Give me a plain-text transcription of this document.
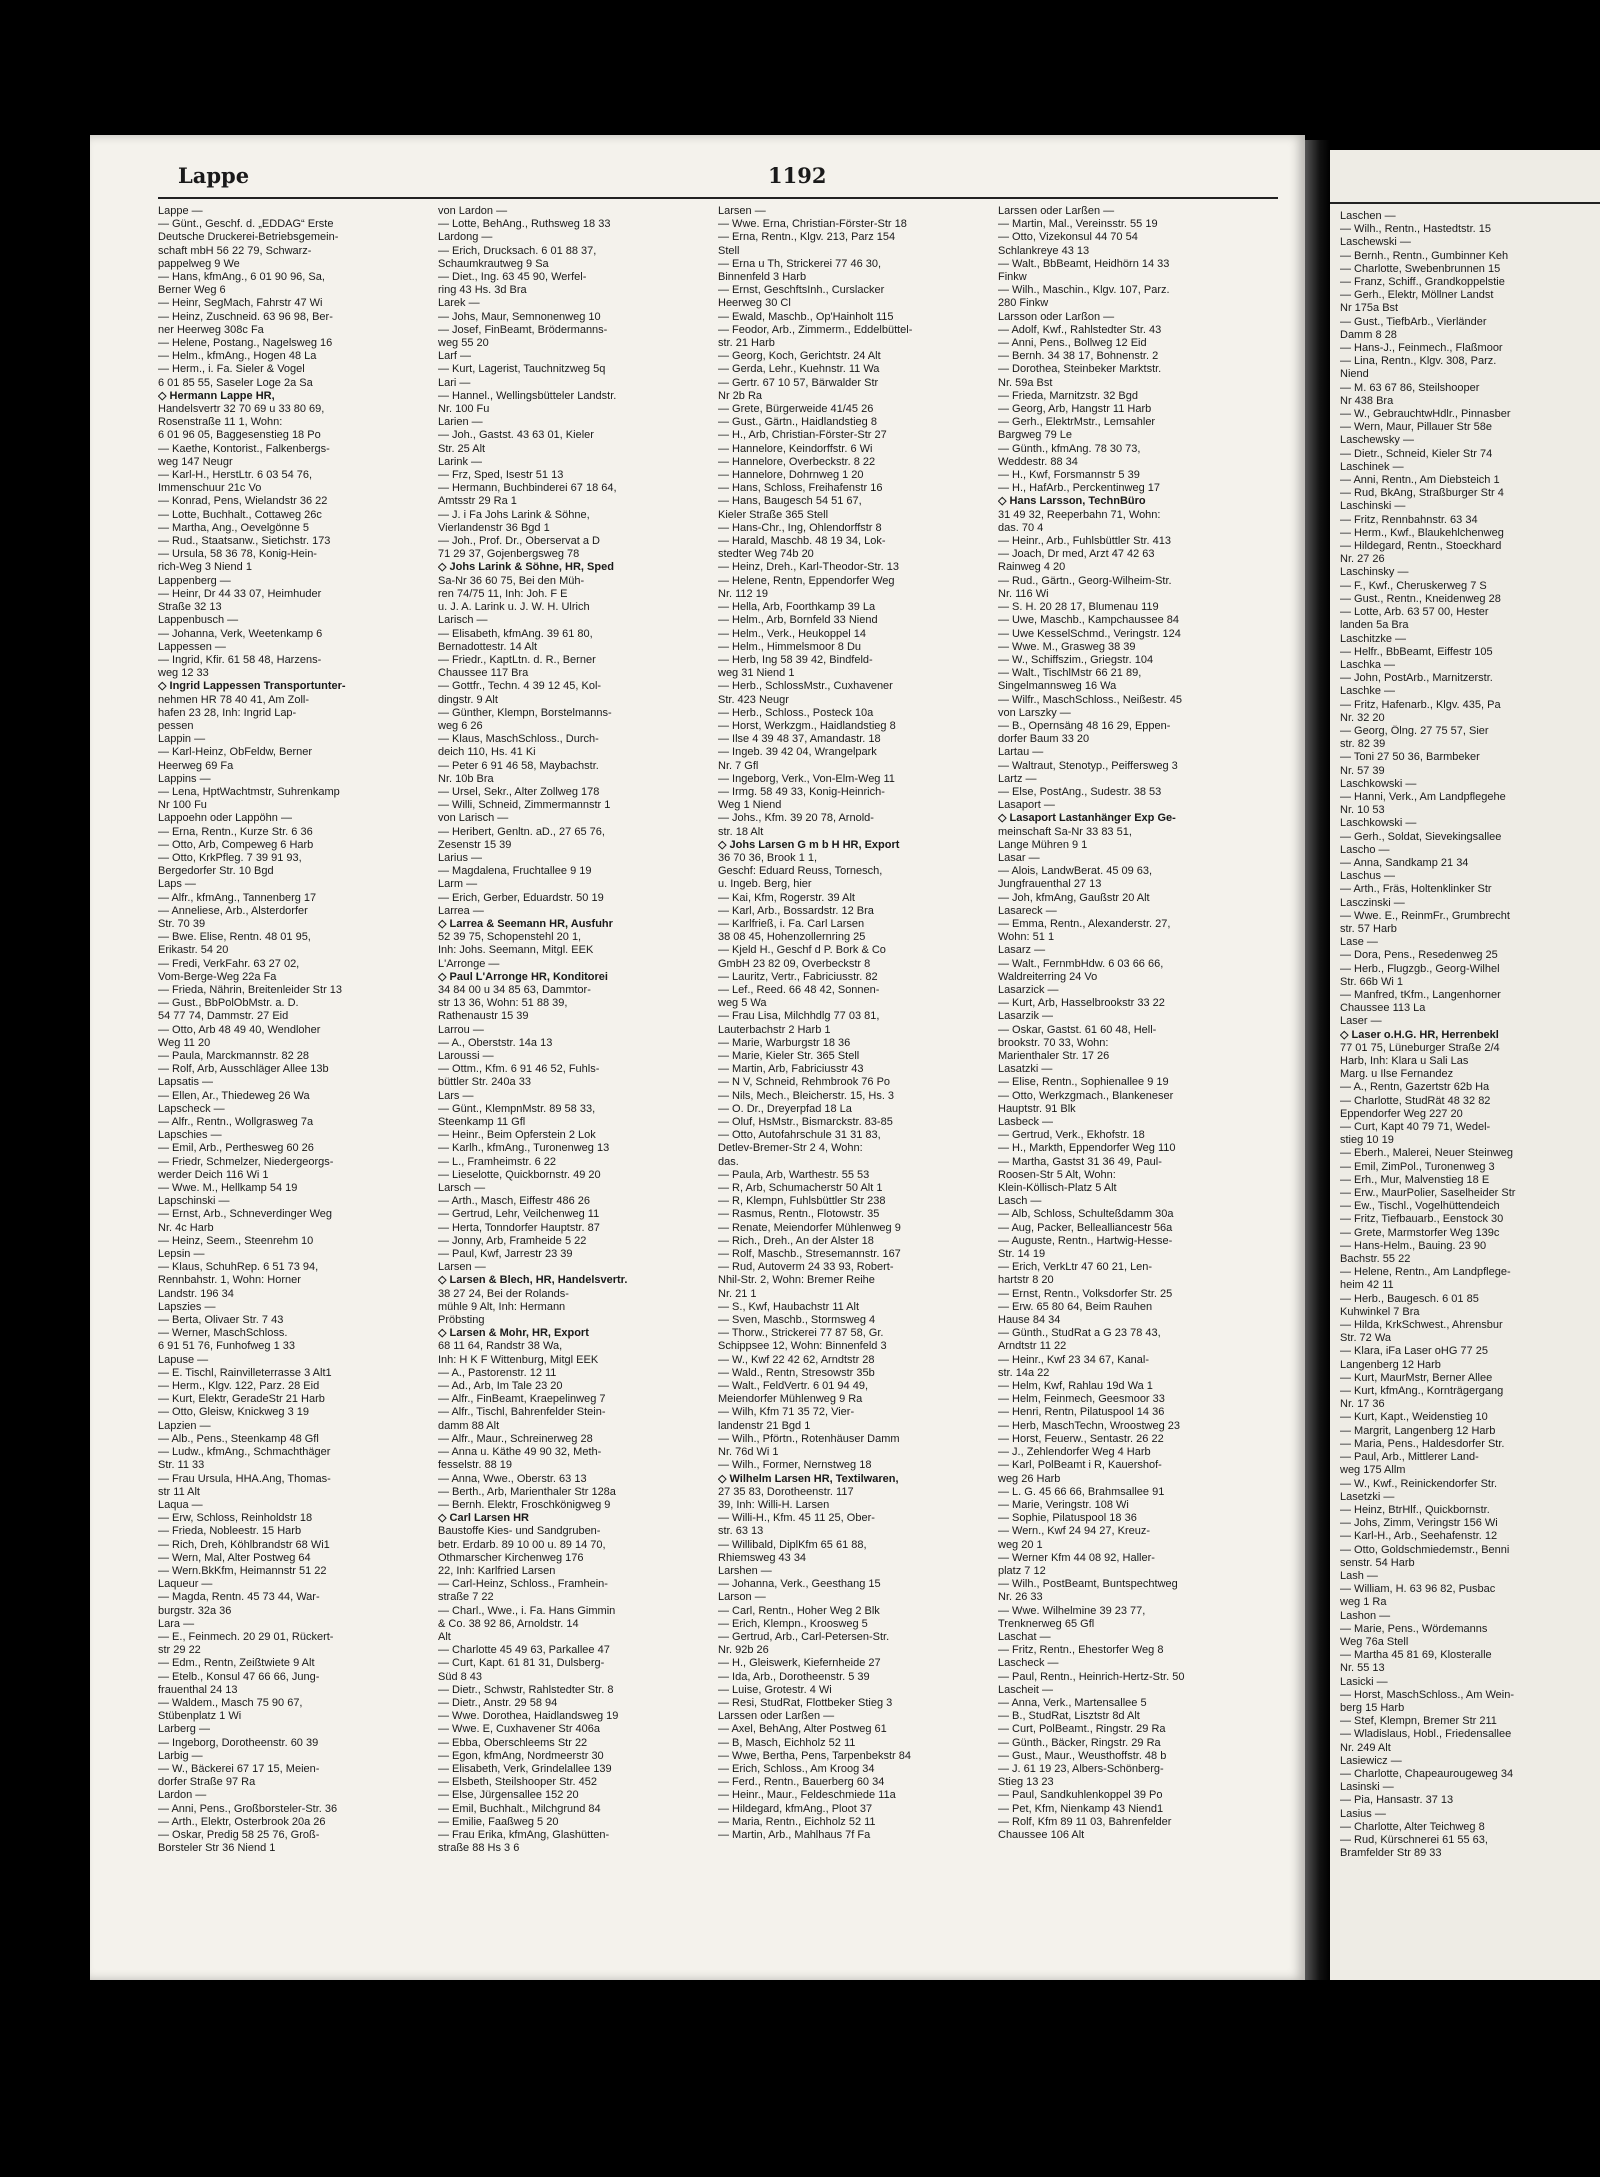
Lappe	1192
Lappe —
— Günt., Geschf. d. „EDDAG“ Erste
Deutsche Druckerei-Betriebsgemein-
schaft mbH 56 22 79, Schwarz-
pappelweg 9 We
— Hans, kfmAng., 6 01 90 96, Sa,
Berner Weg 6
— Heinr, SegMach, Fahrstr 47 Wi
— Heinz, Zuschneid. 63 96 98, Ber-
ner Heerweg 308c Fa
— Helene, Postang., Nagelsweg 16
— Helm., kfmAng., Hogen 48 La
— Herm., i. Fa. Sieler & Vogel
6 01 85 55, Saseler Loge 2a Sa
◇ Hermann Lappe HR,
Handelsvertr 32 70 69 u 33 80 69,
Rosenstraße 11 1, Wohn:
6 01 96 05, Baggesenstieg 18 Po
— Kaethe, Kontorist., Falkenbergs-
weg 147 Neugr
— Karl-H., HerstLtr. 6 03 54 76,
Immenschuur 21c Vo
— Konrad, Pens, Wielandstr 36 22
— Lotte, Buchhalt., Cottaweg 26c
— Martha, Ang., Oevelgönne 5
— Rud., Staatsanw., Sietichstr. 173
— Ursula, 58 36 78, Konig-Hein-
rich-Weg 3 Niend 1
Lappenberg —
— Heinr, Dr 44 33 07, Heimhuder
Straße 32 13
Lappenbusch —
— Johanna, Verk, Weetenkamp 6
Lappessen —
— Ingrid, Kfir. 61 58 48, Harzens-
weg 12 33
◇ Ingrid Lappessen Transportunter-
nehmen HR 78 40 41, Am Zoll-
hafen 23 28, Inh: Ingrid Lap-
pessen
Lappin —
— Karl-Heinz, ObFeldw, Berner
Heerweg 69 Fa
Lappins —
— Lena, HptWachtmstr, Suhrenkamp
Nr 100 Fu
Lappoehn oder Lappöhn —
— Erna, Rentn., Kurze Str. 6 36
— Otto, Arb, Compeweg 6 Harb
— Otto, KrkPfleg. 7 39 91 93,
Bergedorfer Str. 10 Bgd
Laps —
— Alfr., kfmAng., Tannenberg 17
— Anneliese, Arb., Alsterdorfer
Str. 70 39
— Bwe. Elise, Rentn. 48 01 95,
Erikastr. 54 20
— Fredi, VerkFahr. 63 27 02,
Vom-Berge-Weg 22a Fa
— Frieda, Nährin, Breitenleider Str 13
— Gust., BbPolObMstr. a. D.
54 77 74, Dammstr. 27 Eid
— Otto, Arb 48 49 40, Wendloher
Weg 11 20
— Paula, Marckmannstr. 82 28
— Rolf, Arb, Ausschläger Allee 13b
Lapsatis —
— Ellen, Ar., Thiedeweg 26 Wa
Lapscheck —
— Alfr., Rentn., Wollgrasweg 7a
Lapschies —
— Emil, Arb., Perthesweg 60 26
— Friedr, Schmelzer, Niedergeorgs-
werder Deich 116 Wi 1
— Wwe. M., Hellkamp 54 19
Lapschinski —
— Ernst, Arb., Schneverdinger Weg
Nr. 4c Harb
— Heinz, Seem., Steenrehm 10
Lepsin —
— Klaus, SchuhRep. 6 51 73 94,
Rennbahstr. 1, Wohn: Horner
Landstr. 196 34
Lapszies —
— Berta, Olivaer Str. 7 43
— Werner, MaschSchloss.
6 91 51 76, Funhofweg 1 33
Lapuse —
— E. Tischl, Rainvilleterrasse 3 Alt1
— Herm., Klgv. 122, Parz. 28 Eid
— Kurt, Elektr, GeradeStr 21 Harb
— Otto, Gleisw, Knickweg 3 19
Lapzien —
— Alb., Pens., Steenkamp 48 Gfl
— Ludw., kfmAng., Schmachthäger
Str. 11 33
— Frau Ursula, HHA.Ang, Thomas-
str 11 Alt
Laqua —
— Erw, Schloss, Reinholdstr 18
— Frieda, Nobleestr. 15 Harb
— Rich, Dreh, Köhlbrandstr 68 Wi1
— Wern, Mal, Alter Postweg 64
— Wern.BkKfm, Heimannstr 51 22
Laqueur —
— Magda, Rentn. 45 73 44, War-
burgstr. 32a 36
Lara —
— E., Feinmech. 20 29 01, Rückert-
str 29 22
— Edm., Rentn, Zeißtwiete 9 Alt
— Etelb., Konsul 47 66 66, Jung-
frauenthal 24 13
— Waldem., Masch 75 90 67,
Stübenplatz 1 Wi
Larberg —
— Ingeborg, Dorotheenstr. 60 39
Larbig —
— W., Bäckerei 67 17 15, Meien-
dorfer Straße 97 Ra
Lardon —
— Anni, Pens., Großborsteler-Str. 36
— Arth., Elektr, Osterbrook 20a 26
— Oskar, Predig 58 25 76, Groß-
Borsteler Str 36 Niend 1
von Lardon —
— Lotte, BehAng., Ruthsweg 18 33
Lardong —
— Erich, Drucksach. 6 01 88 37,
Schaumkrautweg 9 Sa
— Diet., Ing. 63 45 90, Werfel-
ring 43 Hs. 3d Bra
Larek —
— Johs, Maur, Semnonenweg 10
— Josef, FinBeamt, Brödermanns-
weg 55 20
Larf —
— Kurt, Lagerist, Tauchnitzweg 5q
Lari —
— Hannel., Wellingsbütteler Landstr.
Nr. 100 Fu
Larien —
— Joh., Gastst. 43 63 01, Kieler
Str. 25 Alt
Larink —
— Frz, Sped, Isestr 51 13
— Hermann, Buchbinderei 67 18 64,
Amtsstr 29 Ra 1
— J. i Fa Johs Larink & Söhne,
Vierlandenstr 36 Bgd 1
— Joh., Prof. Dr., Oberservat a D
71 29 37, Gojenbergsweg 78
◇ Johs Larink & Söhne, HR, Sped
Sa-Nr 36 60 75, Bei den Müh-
ren 74/75 11, Inh: Joh. F E
u. J. A. Larink u. J. W. H. Ulrich
Larisch —
— Elisabeth, kfmAng. 39 61 80,
Bernadottestr. 14 Alt
— Friedr., KaptLtn. d. R., Berner
Chaussee 117 Bra
— Gottfr., Techn. 4 39 12 45, Kol-
dingstr. 9 Alt
— Günther, Klempn, Borstelmanns-
weg 6 26
— Klaus, MaschSchloss., Durch-
deich 110, Hs. 41 Ki
— Peter 6 91 46 58, Maybachstr.
Nr. 10b Bra
— Ursel, Sekr., Alter Zollweg 178
— Willi, Schneid, Zimmermannstr 1
von Larisch —
— Heribert, Genltn. aD., 27 65 76,
Zesenstr 15 39
Larius —
— Magdalena, Fruchtallee 9 19
Larm —
— Erich, Gerber, Eduardstr. 50 19
Larrea —
◇ Larrea & Seemann HR, Ausfuhr
52 39 75, Schopenstehl 20 1,
Inh: Johs. Seemann, Mitgl. EEK
L'Arronge —
◇ Paul L'Arronge HR, Konditorei
34 84 00 u 34 85 63, Dammtor-
str 13 36, Wohn: 51 88 39,
Rathenaustr 15 39
Larrou —
— A., Oberststr. 14a 13
Laroussi —
— Ottm., Kfm. 6 91 46 52, Fuhls-
büttler Str. 240a 33
Lars —
— Günt., KlempnMstr. 89 58 33,
Steenkamp 11 Gfl
— Heinr., Beim Opferstein 2 Lok
— Karlh., kfmAng., Turonenweg 13
— L., Framheimstr. 6 22
— Lieselotte, Quickbornstr. 49 20
Larsch —
— Arth., Masch, Eiffestr 486 26
— Gertrud, Lehr, Veilchenweg 11
— Herta, Tonndorfer Hauptstr. 87
— Jonny, Arb, Framheide 5 22
— Paul, Kwf, Jarrestr 23 39
Larsen —
◇ Larsen & Blech, HR, Handelsvertr.
38 27 24, Bei der Rolands-
mühle 9 Alt, Inh: Hermann
Pröbsting
◇ Larsen & Mohr, HR, Export
68 11 64, Randstr 38 Wa,
Inh: H K F Wittenburg, Mitgl EEK
— A., Pastorenstr. 12 11
— Ad., Arb, Im Tale 23 20
— Alfr., FinBeamt, Kraepelinweg 7
— Alfr., Tischl, Bahrenfelder Stein-
damm 88 Alt
— Alfr., Maur., Schreinerweg 28
— Anna u. Käthe 49 90 32, Meth-
fesselstr. 88 19
— Anna, Wwe., Oberstr. 63 13
— Berth., Arb, Marienthaler Str 128a
— Bernh. Elektr, Froschkönigweg 9
◇ Carl Larsen HR
Baustoffe Kies- und Sandgruben-
betr. Erdarb. 89 10 00 u. 89 14 70,
Othmarscher Kirchenweg 176
22, Inh: Karlfried Larsen
— Carl-Heinz, Schloss., Framhein-
straße 7 22
— Charl., Wwe., i. Fa. Hans Gimmin
& Co. 38 92 86, Arnoldstr. 14
Alt
— Charlotte 45 49 63, Parkallee 47
— Curt, Kapt. 61 81 31, Dulsberg-
Süd 8 43
— Dietr., Schwstr, Rahlstedter Str. 8
— Dietr., Anstr. 29 58 94
— Wwe. Dorothea, Haidlandsweg 19
— Wwe. E, Cuxhavener Str 406a
— Ebba, Oberschleems Str 22
— Egon, kfmAng, Nordmeerstr 30
— Elisabeth, Verk, Grindelallee 139
— Elsbeth, Steilshooper Str. 452
— Else, Jürgensallee 152 20
— Emil, Buchhalt., Milchgrund 84
— Emilie, Faaßweg 5 20
— Frau Erika, kfmAng, Glashütten-
straße 88 Hs 3 6
Larsen —
— Wwe. Erna, Christian-Förster-Str 18
— Erna, Rentn., Klgv. 213, Parz 154
Stell
— Erna u Th, Strickerei 77 46 30,
Binnenfeld 3 Harb
— Ernst, GeschftsInh., Curslacker
Heerweg 30 Cl
— Ewald, Maschb., Op'Hainholt 115
— Feodor, Arb., Zimmerm., Eddelbüttel-
str. 21 Harb
— Georg, Koch, Gerichtstr. 24 Alt
— Gerda, Lehr., Kuehnstr. 11 Wa
— Gertr. 67 10 57, Bärwalder Str
Nr 2b Ra
— Grete, Bürgerweide 41/45 26
— Gust., Gärtn., Haidlandstieg 8
— H., Arb, Christian-Förster-Str 27
— Hannelore, Keindorffstr. 6 Wi
— Hannelore, Overbeckstr. 8 22
— Hannelore, Dohrnweg 1 20
— Hans, Schloss, Freihafenstr 16
— Hans, Baugesch 54 51 67,
Kieler Straße 365 Stell
— Hans-Chr., Ing, Ohlendorffstr 8
— Harald, Maschb. 48 19 34, Lok-
stedter Weg 74b 20
— Heinz, Dreh., Karl-Theodor-Str. 13
— Helene, Rentn, Eppendorfer Weg
Nr. 112 19
— Hella, Arb, Foorthkamp 39 La
— Helm., Arb, Bornfeld 33 Niend
— Helm., Verk., Heukoppel 14
— Helm., Himmelsmoor 8 Du
— Herb, Ing 58 39 42, Bindfeld-
weg 31 Niend 1
— Herb., SchlossMstr., Cuxhavener
Str. 423 Neugr
— Herb., Schloss., Posteck 10a
— Horst, Werkzgm., Haidlandstieg 8
— Ilse 4 39 48 37, Amandastr. 18
— Ingeb. 39 42 04, Wrangelpark
Nr. 7 Gfl
— Ingeborg, Verk., Von-Elm-Weg 11
— Irmg. 58 49 33, Konig-Heinrich-
Weg 1 Niend
— Johs., Kfm. 39 20 78, Arnold-
str. 18 Alt
◇ Johs Larsen G m b H HR, Export
36 70 36, Brook 1 1,
Geschf: Eduard Reuss, Tornesch,
u. Ingeb. Berg, hier
— Kai, Kfm, Rogerstr. 39 Alt
— Karl, Arb., Bossardstr. 12 Bra
— Karlfrieß, i. Fa. Carl Larsen
38 08 45, Hohenzollernring 25
— Kjeld H., Geschf d P. Bork & Co
GmbH 23 82 09, Overbeckstr 8
— Lauritz, Vertr., Fabriciusstr. 82
— Lef., Reed. 66 48 42, Sonnen-
weg 5 Wa
— Frau Lisa, Milchhdlg 77 03 81,
Lauterbachstr 2 Harb 1
— Marie, Warburgstr 18 36
— Marie, Kieler Str. 365 Stell
— Martin, Arb, Fabriciusstr 43
— N V, Schneid, Rehmbrook 76 Po
— Nils, Mech., Bleicherstr. 15, Hs. 3
— O. Dr., Dreyerpfad 18 La
— Oluf, HsMstr., Bismarckstr. 83-85
— Otto, Autofahrschule 31 31 83,
Detlev-Bremer-Str 2 4, Wohn:
das.
— Paula, Arb, Warthestr. 55 53
— R, Arb, Schumacherstr 50 Alt 1
— R, Klempn, Fuhlsbüttler Str 238
— Rasmus, Rentn., Flotowstr. 35
— Renate, Meiendorfer Mühlenweg 9
— Rich., Dreh., An der Alster 18
— Rolf, Maschb., Stresemannstr. 167
— Rud, Autoverm 24 33 93, Robert-
Nhil-Str. 2, Wohn: Bremer Reihe
Nr. 21 1
— S., Kwf, Haubachstr 11 Alt
— Sven, Maschb., Stormsweg 4
— Thorw., Strickerei 77 87 58, Gr.
Schippsee 12, Wohn: Binnenfeld 3
— W., Kwf 22 42 62, Arndtstr 28
— Wald., Rentn, Stresowstr 35b
— Walt., FeldVertr. 6 01 94 49,
Meiendorfer Mühlenweg 9 Ra
— Wilh, Kfm 71 35 72, Vier-
landenstr 21 Bgd 1
— Wilh., Pförtn., Rotenhäuser Damm
Nr. 76d Wi 1
— Wilh., Former, Nernstweg 18
◇ Wilhelm Larsen HR, Textilwaren,
27 35 83, Dorotheenstr. 117
39, Inh: Willi-H. Larsen
— Willi-H., Kfm. 45 11 25, Ober-
str. 63 13
— Willibald, DiplKfm 65 61 88,
Rhiemsweg 43 34
Larshen —
— Johanna, Verk., Geesthang 15
Larson —
— Carl, Rentn., Hoher Weg 2 Blk
— Erich, Klempn., Kroosweg 5
— Gertrud, Arb., Carl-Petersen-Str.
Nr. 92b 26
— H., Gleiswerk, Kiefernheide 27
— Ida, Arb., Dorotheenstr. 5 39
— Luise, Grotestr. 4 Wi
— Resi, StudRat, Flottbeker Stieg 3
Larssen oder Larßen —
— Axel, BehAng, Alter Postweg 61
— B, Masch, Eichholz 52 11
— Wwe, Bertha, Pens, Tarpenbekstr 84
— Erich, Schloss., Am Kroog 34
— Ferd., Rentn., Bauerberg 60 34
— Heinr., Maur., Feldeschmiede 11a
— Hildegard, kfmAng., Ploot 37
— Maria, Rentn., Eichholz 52 11
— Martin, Arb., Mahlhaus 7f Fa
Larssen oder Larßen —
— Martin, Mal., Vereinsstr. 55 19
— Otto, Vizekonsul 44 70 54
Schlankreye 43 13
— Walt., BbBeamt, Heidhörn 14 33
Finkw
— Wilh., Maschin., Klgv. 107, Parz.
280 Finkw
Larsson oder Larßon —
— Adolf, Kwf., Rahlstedter Str. 43
— Anni, Pens., Bollweg 12 Eid
— Bernh. 34 38 17, Bohnenstr. 2
— Dorothea, Steinbeker Marktstr.
Nr. 59a Bst
— Frieda, Marnitzstr. 32 Bgd
— Georg, Arb, Hangstr 11 Harb
— Gerh., ElektrMstr., Lemsahler
Bargweg 79 Le
— Günth., kfmAng. 78 30 73,
Weddestr. 88 34
— H., Kwf, Forsmannstr 5 39
— H., HafArb., Perckentinweg 17
◇ Hans Larsson, TechnBüro
31 49 32, Reeperbahn 71, Wohn:
das. 70 4
— Heinr., Arb., Fuhlsbüttler Str. 413
— Joach, Dr med, Arzt 47 42 63
Rainweg 4 20
— Rud., Gärtn., Georg-Wilheim-Str.
Nr. 116 Wi
— S. H. 20 28 17, Blumenau 119
— Uwe, Maschb., Kampchaussee 84
— Uwe KesselSchmd., Veringstr. 124
— Wwe. M., Grasweg 38 39
— W., Schiffszim., Griegstr. 104
— Walt., TischlMstr 66 21 89,
Singelmannsweg 16 Wa
— Wilfr., MaschSchloss., Neißestr. 45
von Larszky —
— B., Opernsäng 48 16 29, Eppen-
dorfer Baum 33 20
Lartau —
— Waltraut, Stenotyp., Peiffersweg 3
Lartz —
— Else, PostAng., Sudestr. 38 53
Lasaport —
◇ Lasaport Lastanhänger Exp Ge-
meinschaft Sa-Nr 33 83 51,
Lange Mühren 9 1
Lasar —
— Alois, LandwBerat. 45 09 63,
Jungfrauenthal 27 13
— Joh, kfmAng, Gaußstr 20 Alt
Lasareck —
— Emma, Rentn., Alexanderstr. 27,
Wohn: 51 1
Lasarz —
— Walt., FernmbHdw. 6 03 66 66,
Waldreiterring 24 Vo
Lasarzick —
— Kurt, Arb, Hasselbrookstr 33 22
Lasarzik —
— Oskar, Gastst. 61 60 48, Hell-
brookstr. 70 33, Wohn:
Marienthaler Str. 17 26
Lasatzki —
— Elise, Rentn., Sophienallee 9 19
— Otto, Werkzgmach., Blankeneser
Hauptstr. 91 Blk
Lasbeck —
— Gertrud, Verk., Ekhofstr. 18
— H., Markth, Eppendorfer Weg 110
— Martha, Gastst 31 36 49, Paul-
Roosen-Str 5 Alt, Wohn:
Klein-Köllisch-Platz 5 Alt
Lasch —
— Alb, Schloss, Schulteßdamm 30a
— Aug, Packer, Bellealliancestr 56a
— Auguste, Rentn., Hartwig-Hesse-
Str. 14 19
— Erich, VerkLtr 47 60 21, Len-
hartstr 8 20
— Ernst, Rentn., Volksdorfer Str. 25
— Erw. 65 80 64, Beim Rauhen
Hause 84 34
— Günth., StudRat a G 23 78 43,
Arndtstr 11 22
— Heinr., Kwf 23 34 67, Kanal-
str. 14a 22
— Helm, Kwf, Rahlau 19d Wa 1
— Helm, Feinmech, Geesmoor 33
— Henri, Rentn, Pilatuspool 14 36
— Herb, MaschTechn, Wroostweg 23
— Horst, Feuerw., Sentastr. 26 22
— J., Zehlendorfer Weg 4 Harb
— Karl, PolBeamt i R, Kauershof-
weg 26 Harb
— L. G. 45 66 66, Brahmsallee 91
— Marie, Veringstr. 108 Wi
— Sophie, Pilatuspool 18 36
— Wern., Kwf 24 94 27, Kreuz-
weg 20 1
— Werner Kfm 44 08 92, Haller-
platz 7 12
— Wilh., PostBeamt, Buntspechtweg
Nr. 26 33
— Wwe. Wilhelmine 39 23 77,
Trenknerweg 65 Gfl
Laschat —
— Fritz, Rentn., Ehestorfer Weg 8
Lascheck —
— Paul, Rentn., Heinrich-Hertz-Str. 50
Lascheit —
— Anna, Verk., Martensallee 5
— B., StudRat, Lisztstr 8d Alt
— Curt, PolBeamt., Ringstr. 29 Ra
— Günth., Bäcker, Ringstr. 29 Ra
— Gust., Maur., Weusthoffstr. 48 b
— J. 61 19 23, Albers-Schönberg-
Stieg 13 23
— Paul, Sandkuhlenkoppel 39 Po
— Pet, Kfm, Nienkamp 43 Niend1
— Rolf, Kfm 89 11 03, Bahrenfelder
Chaussee 106 Alt
Laschen —
— Wilh., Rentn., Hastedtstr. 15
Laschewski —
— Bernh., Rentn., Gumbinner Keh
— Charlotte, Swebenbrunnen 15
— Franz, Schiff., Grandkoppelstie
— Gerh., Elektr, Möllner Landst
Nr 175a Bst
— Gust., TiefbArb., Vierländer
Damm 8 28
— Hans-J., Feinmech., Flaßmoor
— Lina, Rentn., Klgv. 308, Parz.
Niend
— M. 63 67 86, Steilshooper
Nr 438 Bra
— W., GebrauchtwHdlr., Pinnasber
— Wern, Maur, Pillauer Str 58e
Laschewsky —
— Dietr., Schneid, Kieler Str 74
Laschinek —
— Anni, Rentn., Am Diebsteich 1
— Rud, BkAng, Straßburger Str 4
Laschinski —
— Fritz, Rennbahnstr. 63 34
— Herm., Kwf., Blaukehlchenweg
— Hildegard, Rentn., Stoeckhard
Nr. 27 26
Laschinsky —
— F., Kwf., Cheruskerweg 7 S
— Gust., Rentn., Kneidenweg 28
— Lotte, Arb. 63 57 00, Hester
landen 5a Bra
Laschitzke —
— Helfr., BbBeamt, Eiffestr 105
Laschka —
— John, PostArb., Marnitzerstr.
Laschke —
— Fritz, Hafenarb., Klgv. 435, Pa
Nr. 32 20
— Georg, Ölng. 27 75 57, Sier
str. 82 39
— Toni 27 50 36, Barmbeker
Nr. 57 39
Laschkowski —
— Hanni, Verk., Am Landpflegehe
Nr. 10 53
Laschkowski —
— Gerh., Soldat, Sievekingsallee
Lascho —
— Anna, Sandkamp 21 34
Laschus —
— Arth., Fräs, Holtenklinker Str
Lasczinski —
— Wwe. E., ReinmFr., Grumbrecht
str. 57 Harb
Lase —
— Dora, Pens., Resedenweg 25
— Herb., Flugzgb., Georg-Wilhel
Str. 66b Wi 1
— Manfred, tKfm., Langenhorner
Chaussee 113 La
Laser —
◇ Laser o.H.G. HR, Herrenbekl
77 01 75, Lüneburger Straße 2/4
Harb, Inh: Klara u Sali Las
Marg. u Ilse Fernandez
— A., Rentn, Gazertstr 62b Ha
— Charlotte, StudRät 48 32 82
Eppendorfer Weg 227 20
— Curt, Kapt 40 79 71, Wedel-
stieg 10 19
— Eberh., Malerei, Neuer Steinweg
— Emil, ZimPol., Turonenweg 3
— Erh., Mur, Malvenstieg 18 E
— Erw., MaurPolier, Saselheider Str
— Ew., Tischl., Vogelhüttendeich
— Fritz, Tiefbauarb., Eenstock 30
— Grete, Marmstorfer Weg 139c
— Hans-Helm., Bauing. 23 90
Bachstr. 55 22
— Helene, Rentn., Am Landpflege-
heim 42 11
— Herb., Baugesch. 6 01 85
Kuhwinkel 7 Bra
— Hilda, KrkSchwest., Ahrensbur
Str. 72 Wa
— Klara, iFa Laser oHG 77 25
Langenberg 12 Harb
— Kurt, MaurMstr, Berner Allee
— Kurt, kfmAng., Kornträgergang
Nr. 17 36
— Kurt, Kapt., Weidenstieg 10
— Margrit, Langenberg 12 Harb
— Maria, Pens., Haldesdorfer Str.
— Paul, Arb., Mittlerer Land-
weg 175 Allm
— W., Kwf., Reinickendorfer Str.
Lasetzki —
— Heinz, BtrHlf., Quickbornstr.
— Johs, Zimm, Veringstr 156 Wi
— Karl-H., Arb., Seehafenstr. 12
— Otto, Goldschmiedemstr., Benni
senstr. 54 Harb
Lash —
— William, H. 63 96 82, Pusbac
weg 1 Ra
Lashon —
— Marie, Pens., Wördemanns
Weg 76a Stell
— Martha 45 81 69, Klosteralle
Nr. 55 13
Lasicki —
— Horst, MaschSchloss., Am Wein-
berg 15 Harb
— Stef, Klempn, Bremer Str 211
— Wladislaus, Hobl., Friedensallee
Nr. 249 Alt
Lasiewicz —
— Charlotte, Chapeaurougeweg 34
Lasinski —
— Pia, Hansastr. 37 13
Lasius —
— Charlotte, Alter Teichweg 8
— Rud, Kürschnerei 61 55 63,
Bramfelder Str 89 33
